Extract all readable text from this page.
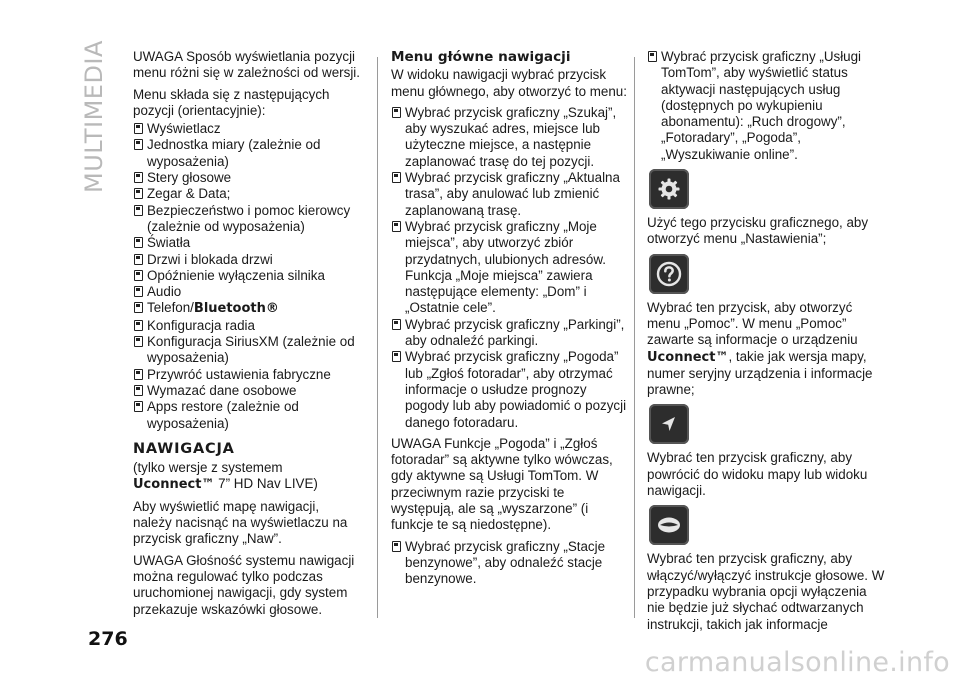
MULTIMEDIA UWAGA Sposób wyświetlania pozycji menu różni się w zależności od wersji.

Menu składa się z następujących pozycji (orientacyjnie):

Wyświetlacz
Jednostka miary (zależnie od wyposażenia)
Stery głosowe
Zegar & Data;
Bezpieczeństwo i pomoc kierowcy (zależnie od wyposażenia)
Światła
Drzwi i blokada drzwi
Opóźnienie wyłączenia silnika
Audio
Telefon/Bluetooth®
Konfiguracja radia
Konfiguracja SiriusXM (zależnie od wyposażenia)
Przywróć ustawienia fabryczne
Wymazać dane osobowe
Apps restore (zależnie od wyposażenia)
NAWIGACJA

(tylko wersje z systemem Uconnect™ 7” HD Nav LIVE)

Aby wyświetlić mapę nawigacji, należy nacisnąć na wyświetlaczu na przycisk graficzny „Naw”.

UWAGA Głośność systemu nawigacji można regulować tylko podczas uruchomionej nawigacji, gdy system przekazuje wskazówki głosowe.

Menu główne nawigacji

W widoku nawigacji wybrać przycisk menu głównego, aby otworzyć to menu:

Wybrać przycisk graficzny „Szukaj”, aby wyszukać adres, miejsce lub użyteczne miejsce, a następnie zaplanować trasę do tej pozycji.
Wybrać przycisk graficzny „Aktualna trasa”, aby anulować lub zmienić zaplanowaną trasę.
Wybrać przycisk graficzny „Moje miejsca”, aby utworzyć zbiór przydatnych, ulubionych adresów. Funkcja „Moje miejsca” zawiera następujące elementy: „Dom” i „Ostatnie cele”.
Wybrać przycisk graficzny „Parkingi”, aby odnaleźć parkingi.
Wybrać przycisk graficzny „Pogoda” lub „Zgłoś fotoradar”, aby otrzymać informacje o usłudze prognozy pogody lub aby powiadomić o pozycji danego fotoradaru.

UWAGA Funkcje „Pogoda” i „Zgłoś fotoradar” są aktywne tylko wówczas, gdy aktywne są Usługi TomTom. W przeciwnym razie przyciski te występują, ale są „wyszarzone” (i funkcje te są niedostępne).

Wybrać przycisk graficzny „Stacje benzynowe”, aby odnaleźć stacje benzynowe.
Wybrać przycisk graficzny „Usługi TomTom”, aby wyświetlić status aktywacji następujących usług (dostępnych po wykupieniu abonamentu): „Ruch drogowy”, „Fotoradary”, „Pogoda”, „Wyszukiwanie online”.

Użyć tego przycisku graficznego, aby otworzyć menu „Nastawienia”;

Wybrać ten przycisk, aby otworzyć menu „Pomoc”. W menu „Pomoc” zawarte są informacje o urządzeniu Uconnect™, takie jak wersja mapy, numer seryjny urządzenia i informacje prawne;

Wybrać ten przycisk graficzny, aby powrócić do widoku mapy lub widoku nawigacji.

Wybrać ten przycisk graficzny, aby włączyć/wyłączyć instrukcje głosowe. W przypadku wybrania opcji wyłączenia nie będzie już słychać odtwarzanych instrukcji, takich jak informacje

276
carmanualsonline.info
